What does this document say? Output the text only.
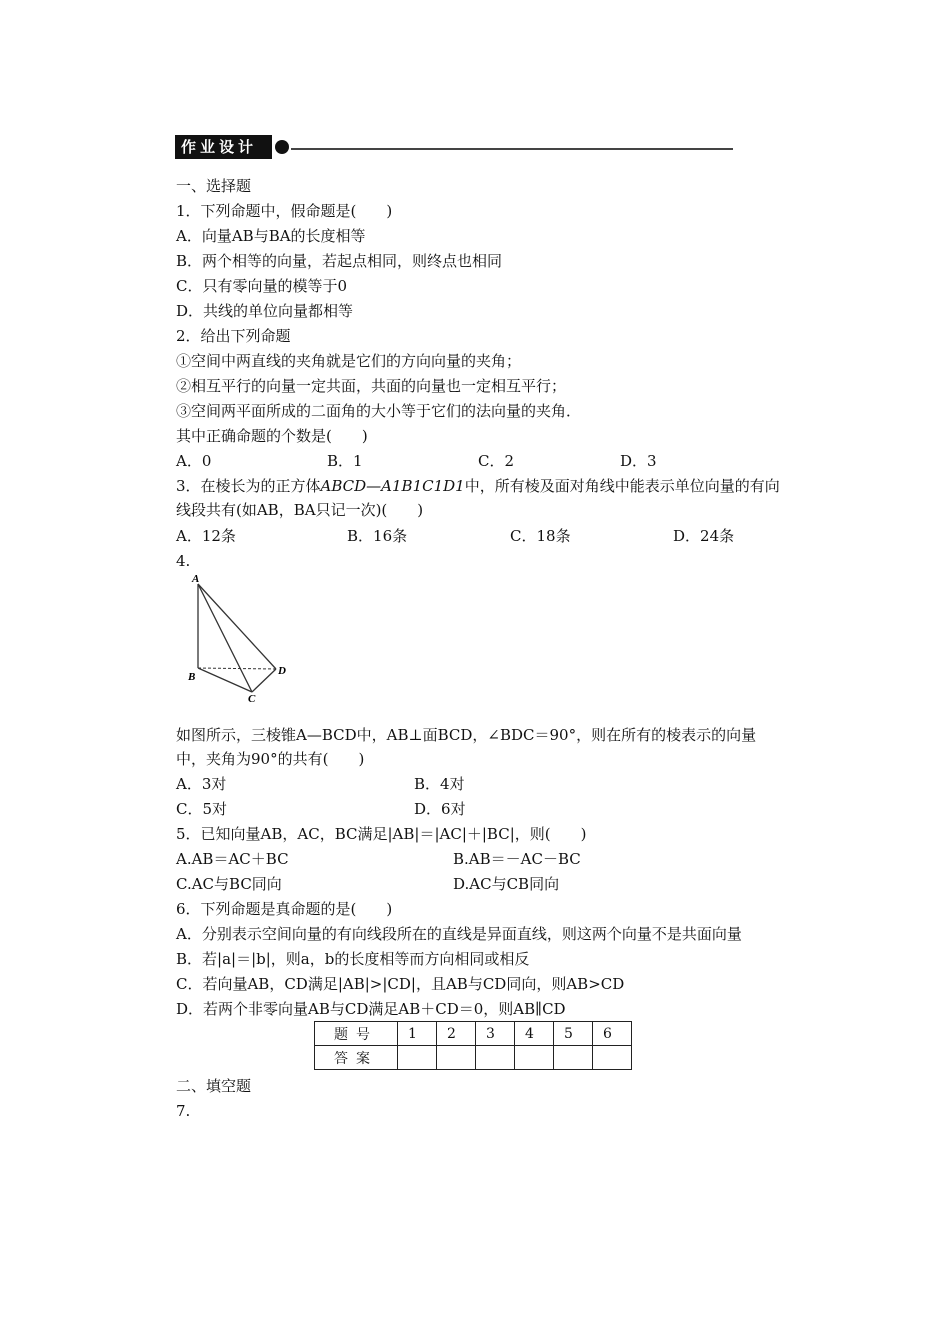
作业设计
一、选择题
1．下列命题中，假命题是(　　)
A．向量AB与BA的长度相等
B．两个相等的向量，若起点相同，则终点也相同
C．只有零向量的模等于0
D．共线的单位向量都相等
2．给出下列命题
①空间中两直线的夹角就是它们的方向向量的夹角；
②相互平行的向量一定共面，共面的向量也一定相互平行；
③空间两平面所成的二面角的大小等于它们的法向量的夹角．
其中正确命题的个数是(　　)
A．0	B．1	C．2	D．3
3．在棱长为的正方体ABCD—A1B1C1D1中，所有棱及面对角线中能表示单位向量的有向
线段共有(如AB，BA只记一次)(　　)
A．12条	B．16条	C．18条	D．24条
4.
A
B
C
D
如图所示，三棱锥A—BCD中，AB⊥面BCD，∠BDC＝90°，则在所有的棱表示的向量
中，夹角为90°的共有(　　)
A．3对	B．4对
C．5对	D．6对
5．已知向量AB，AC，BC满足|AB|＝|AC|＋|BC|，则(　　)
A.AB＝AC＋BC	B.AB＝－AC－BC
C.AC与BC同向	D.AC与CB同向
6．下列命题是真命题的是(　　)
A．分别表示空间向量的有向线段所在的直线是异面直线，则这两个向量不是共面向量
B．若|a|＝|b|，则a，b的长度相等而方向相同或相反
C．若向量AB，CD满足|AB|>|CD|，且AB与CD同向，则AB>CD
D．若两个非零向量AB与CD满足AB＋CD＝0，则AB∥CD
题号	1	2	3	4	5	6
答案						
二、填空题
7.
